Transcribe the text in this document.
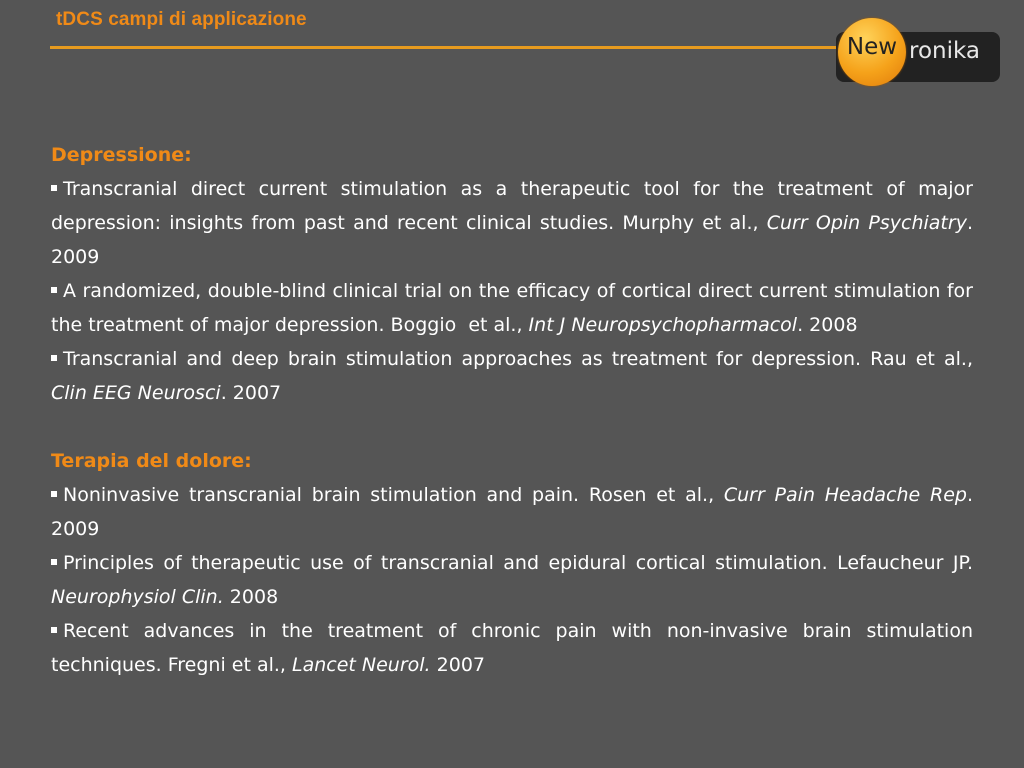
tDCS campi di applicazione
New ronika
Depressione:

Transcranial direct current stimulation as a therapeutic tool for the treatment of major depression: insights from past and recent clinical studies. Murphy et al., Curr Opin Psychiatry. 2009

A randomized, double-blind clinical trial on the efficacy of cortical direct current stimulation for the treatment of major depression. Boggio  et al., Int J Neuropsychopharmacol. 2008

Transcranial and deep brain stimulation approaches as treatment for depression. Rau et al., Clin EEG Neurosci. 2007

Terapia del dolore:

Noninvasive transcranial brain stimulation and pain. Rosen et al., Curr Pain Headache Rep. 2009

Principles of therapeutic use of transcranial and epidural cortical stimulation. Lefaucheur JP. Neurophysiol Clin. 2008

Recent advances in the treatment of chronic pain with non-invasive brain stimulation techniques. Fregni et al., Lancet Neurol. 2007
